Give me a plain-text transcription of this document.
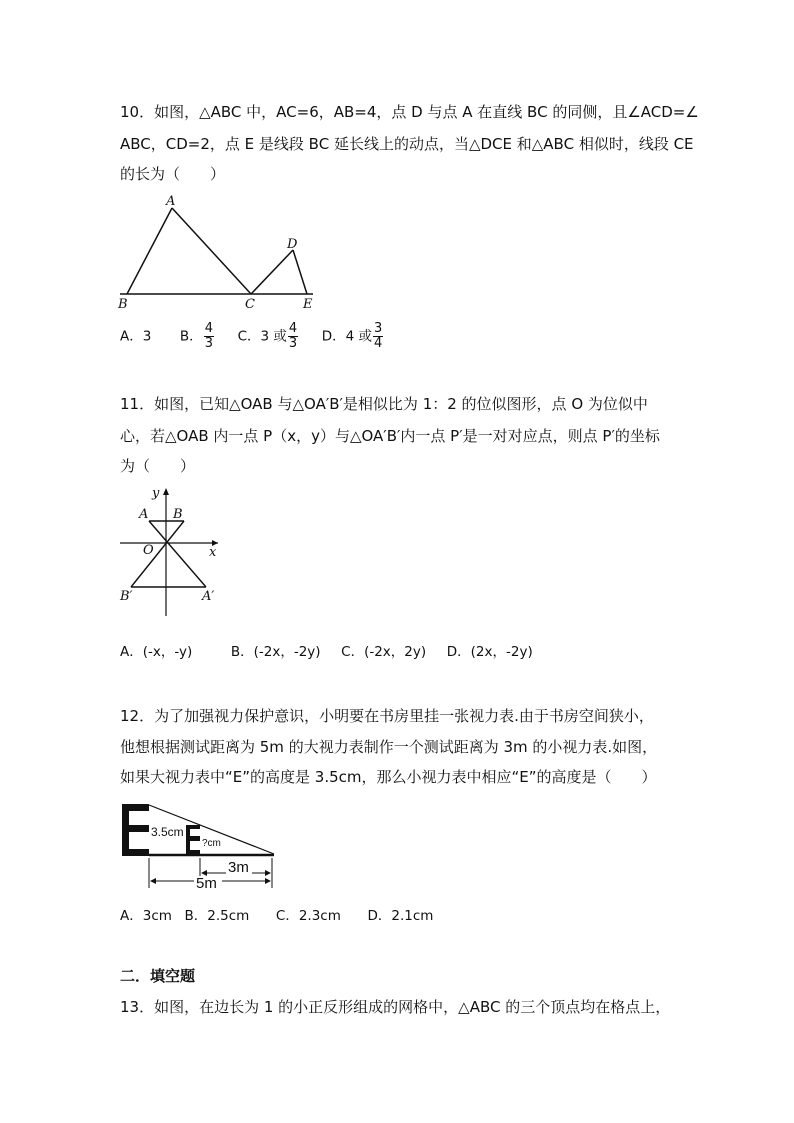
10．如图，△ABC 中，AC=6，AB=4，点 D 与点 A 在直线 BC 的同侧，且∠ACD=∠
ABC，CD=2，点 E 是线段 BC 延长线上的动点，当△DCE 和△ABC 相似时，线段 CE
的长为（　　）
A
B	C
D
E
A．3 B． $\frac{4}{3}$ C．3 或 $\frac{4}{3}$ D．4 或 $\frac{3}{4}$
11．如图，已知△OAB 与△OA′B′是相似比为 1：2 的位似图形，点 O 为位似中
心，若△OAB 内一点 P（x，y）与△OA′B′内一点 P′是一对对应点，则点 P′的坐标
为（　　）
y
x
O
A B
A′
B′
A．(-x，-y)	B．(-2x，-2y) C．(-2x，2y) D．(2x，-2y)
12．为了加强视力保护意识，小明要在书房里挂一张视力表.由于书房空间狭小，
他想根据测试距离为 5m 的大视力表制作一个测试距离为 3m 的小视力表.如图，
如果大视力表中“E”的高度是 3.5cm，那么小视力表中相应“E”的高度是（　　）
3.5cm
?cm
3m
5m
A．3cm B．2.5cm C．2.3cm D．2.1cm
二．填空题
13．如图，在边长为 1 的小正反形组成的网格中，△ABC 的三个顶点均在格点上，
